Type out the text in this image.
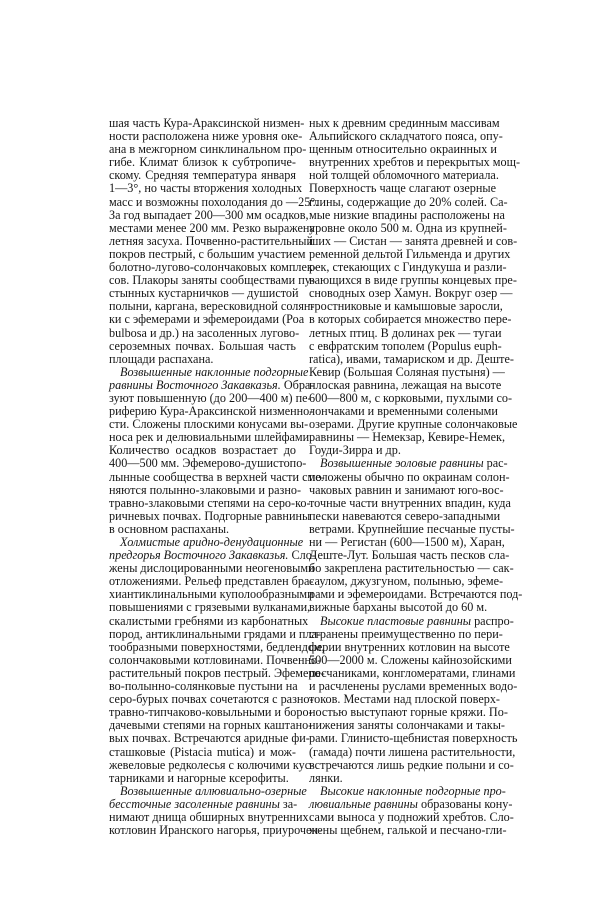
шая часть Кура-Араксинской низмен-
ности расположена ниже уровня оке-
ана в межгорном синклинальном про-
гибе. Климат близок к субтропиче-
скому. Средняя температура января
1—3°, но часты вторжения холодных
масс и возможны похолодания до —25°.
За год выпадает 200—300 мм осадков,
местами менее 200 мм. Резко выражена
летняя засуха. Почвенно-растительный
покров пестрый, с большим участием
болотно-лугово-солончаковых комплек-
сов. Плакоры заняты сообществами пу-
стынных кустарничков — душистой
полыни, каргана, вересковидной солян-
ки с эфемерами и эфемероидами (Роа
bulbosa и др.) на засоленных лугово-
сероземных почвах. Большая часть
площади распахана.
Возвышенные наклонные подгорные
равнины Восточного Закавказья. Обра-
зуют повышенную (до 200—400 м) пе-
риферию Кура-Араксинской низменно-
сти. Сложены плоскими конусами вы-
носа рек и делювиальными шлейфами.
Количество осадков возрастает до
400—500 мм. Эфемерово-душистопо-
лынные сообщества в верхней части сме-
няются полынно-злаковыми и разно-
травно-злаковыми степями на серо-ко-
ричневых почвах. Подгорные равнины
в основном распаханы.
Холмистые аридно-денудационные
предгорья Восточного Закавказья. Сло-
жены дислоцированными неогеновыми
отложениями. Рельеф представлен бра-
хиантиклинальными куполообразными
повышениями с грязевыми вулканами,
скалистыми гребнями из карбонатных
пород, антиклинальными грядами и пла-
тообразными поверхностями, бедлендом,
солончаковыми котловинами. Почвенно-
растительный покров пестрый. Эфемеро-
во-полынно-солянковые пустыни на
серо-бурых почвах сочетаются с разно-
травно-типчаково-ковыльными и боро-
дачевыми степями на горных каштано-
вых почвах. Встречаются аридные фи-
сташковые (Pistacia mutica) и мож-
жевеловые редколесья с колючими кус-
тарниками и нагорные ксерофиты.
Возвышенные аллювиально-озерные
бессточные засоленные равнины за-
нимают днища обширных внутренних
котловин Иранского нагорья, приурочен-
ных к древним срединным массивам
Альпийского складчатого пояса, опу-
щенным относительно окраинных и
внутренних хребтов и перекрытых мощ-
ной толщей обломочного материала.
Поверхность чаще слагают озерные
глины, содержащие до 20% солей. Са-
мые низкие впадины расположены на
уровне около 500 м. Одна из крупней-
ших — Систан — занята древней и сов-
ременной дельтой Гильменда и других
рек, стекающих с Гиндукуша и разли-
вающихся в виде группы концевых пре-
сноводных озер Хамун. Вокруг озер —
тростниковые и камышовые заросли,
в которых собирается множество пере-
летных птиц. В долинах рек — тугаи
с евфратским тополем (Populus euph-
ratica), ивами, тамариском и др. Деште-
Кевир (Большая Соляная пустыня) —
плоская равнина, лежащая на высоте
600—800 м, с корковыми, пухлыми со-
лончаками и временными солеными
озерами. Другие крупные солончаковые
равнины — Немекзар, Кевире-Немек,
Гоуди-Зирра и др.
Возвышенные эоловые равнины рас-
положены обычно по окраинам солон-
чаковых равнин и занимают юго-вос-
точные части внутренних впадин, куда
пески навеваются северо-западными
ветрами. Крупнейшие песчаные пусты-
ни — Регистан (600—1500 м), Харан,
Деште-Лут. Большая часть песков сла-
бо закреплена растительностью — сак-
саулом, джузгуном, полынью, эфеме-
рами и эфемероидами. Встречаются под-
вижные барханы высотой до 60 м.
Высокие пластовые равнины распро-
странены преимущественно по пери-
ферии внутренних котловин на высоте
500—2000 м. Сложены кайнозойскими
песчаниками, конгломератами, глинами
и расчленены руслами временных водо-
токов. Местами над плоской поверх-
ностью выступают горные кряжи. По-
нижения заняты солончаками и такы-
рами. Глинисто-щебнистая поверхность
(гамада) почти лишена растительности,
встречаются лишь редкие полыни и со-
лянки.
Высокие наклонные подгорные про-
лювиальные равнины образованы кону-
сами выноса у подножий хребтов. Сло-
жены щебнем, галькой и песчано-гли-
